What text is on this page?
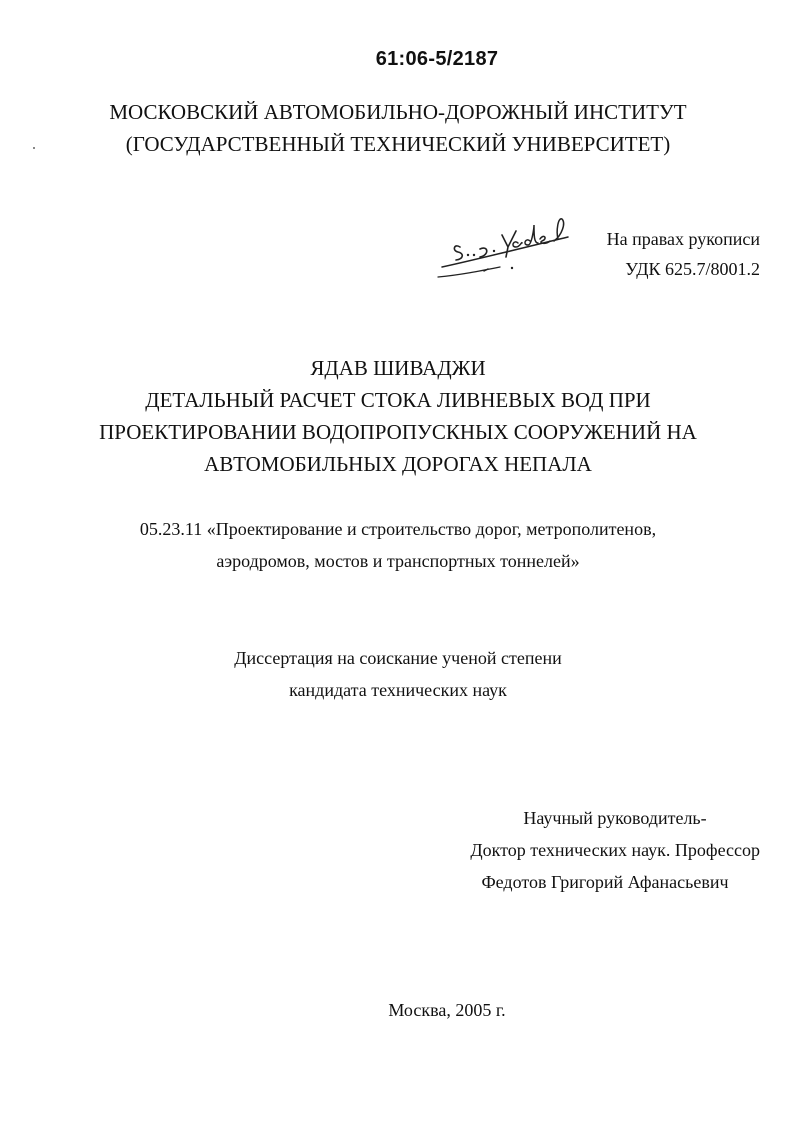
61:06-5/2187
МОСКОВСКИЙ АВТОМОБИЛЬНО-ДОРОЖНЫЙ ИНСТИТУТ
(ГОСУДАРСТВЕННЫЙ ТЕХНИЧЕСКИЙ УНИВЕРСИТЕТ)
На правах рукописи
УДК 625.7/8001.2
ЯДАВ ШИВАДЖИ
ДЕТАЛЬНЫЙ РАСЧЕТ СТОКА ЛИВНЕВЫХ ВОД ПРИ
ПРОЕКТИРОВАНИИ ВОДОПРОПУСКНЫХ СООРУЖЕНИЙ НА
АВТОМОБИЛЬНЫХ ДОРОГАХ НЕПАЛА
05.23.11 «Проектирование и строительство дорог, метрополитенов,
аэродромов, мостов и транспортных тоннелей»
Диссертация на соискание ученой степени
кандидата технических наук
Научный руководитель-
Доктор технических наук. Профессор
Федотов Григорий Афанасьевич
Москва, 2005 г.
